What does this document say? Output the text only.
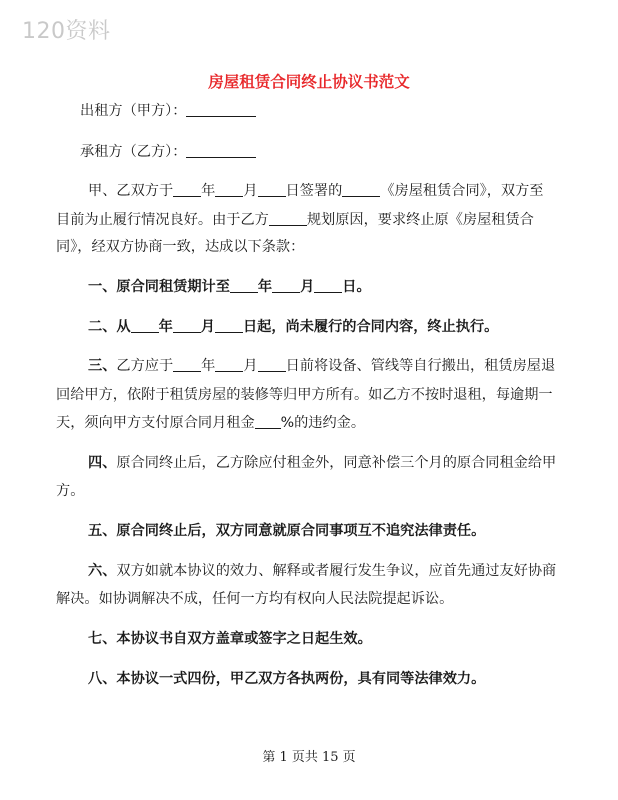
120资料
房屋租赁合同终止协议书范文
出租方（甲方）：
承租方（乙方）：
甲、乙双方于 年 月 日签署的	《房屋租赁合同》，双方至
目前为止履行情况良好。由于乙方	规划原因，要求终止原《房屋租赁合
同》，经双方协商一致，达成以下条款：
一、原合同租赁期计至 年 月 日。
二、从 年 月 日起，尚未履行的合同内容，终止执行。
三、乙方应于 年 月 日前将设备、管线等自行搬出，租赁房屋退
回给甲方，依附于租赁房屋的装修等归甲方所有。如乙方不按时退租，每逾期一
天，须向甲方支付原合同月租金 %的违约金。
四、原合同终止后，乙方除应付租金外，同意补偿三个月的原合同租金给甲
方。
五、原合同终止后，双方同意就原合同事项互不追究法律责任。
六、双方如就本协议的效力、解释或者履行发生争议，应首先通过友好协商
解决。如协调解决不成，任何一方均有权向人民法院提起诉讼。
七、本协议书自双方盖章或签字之日起生效。
八、本协议一式四份，甲乙双方各执两份，具有同等法律效力。
第 1 页共 15 页
